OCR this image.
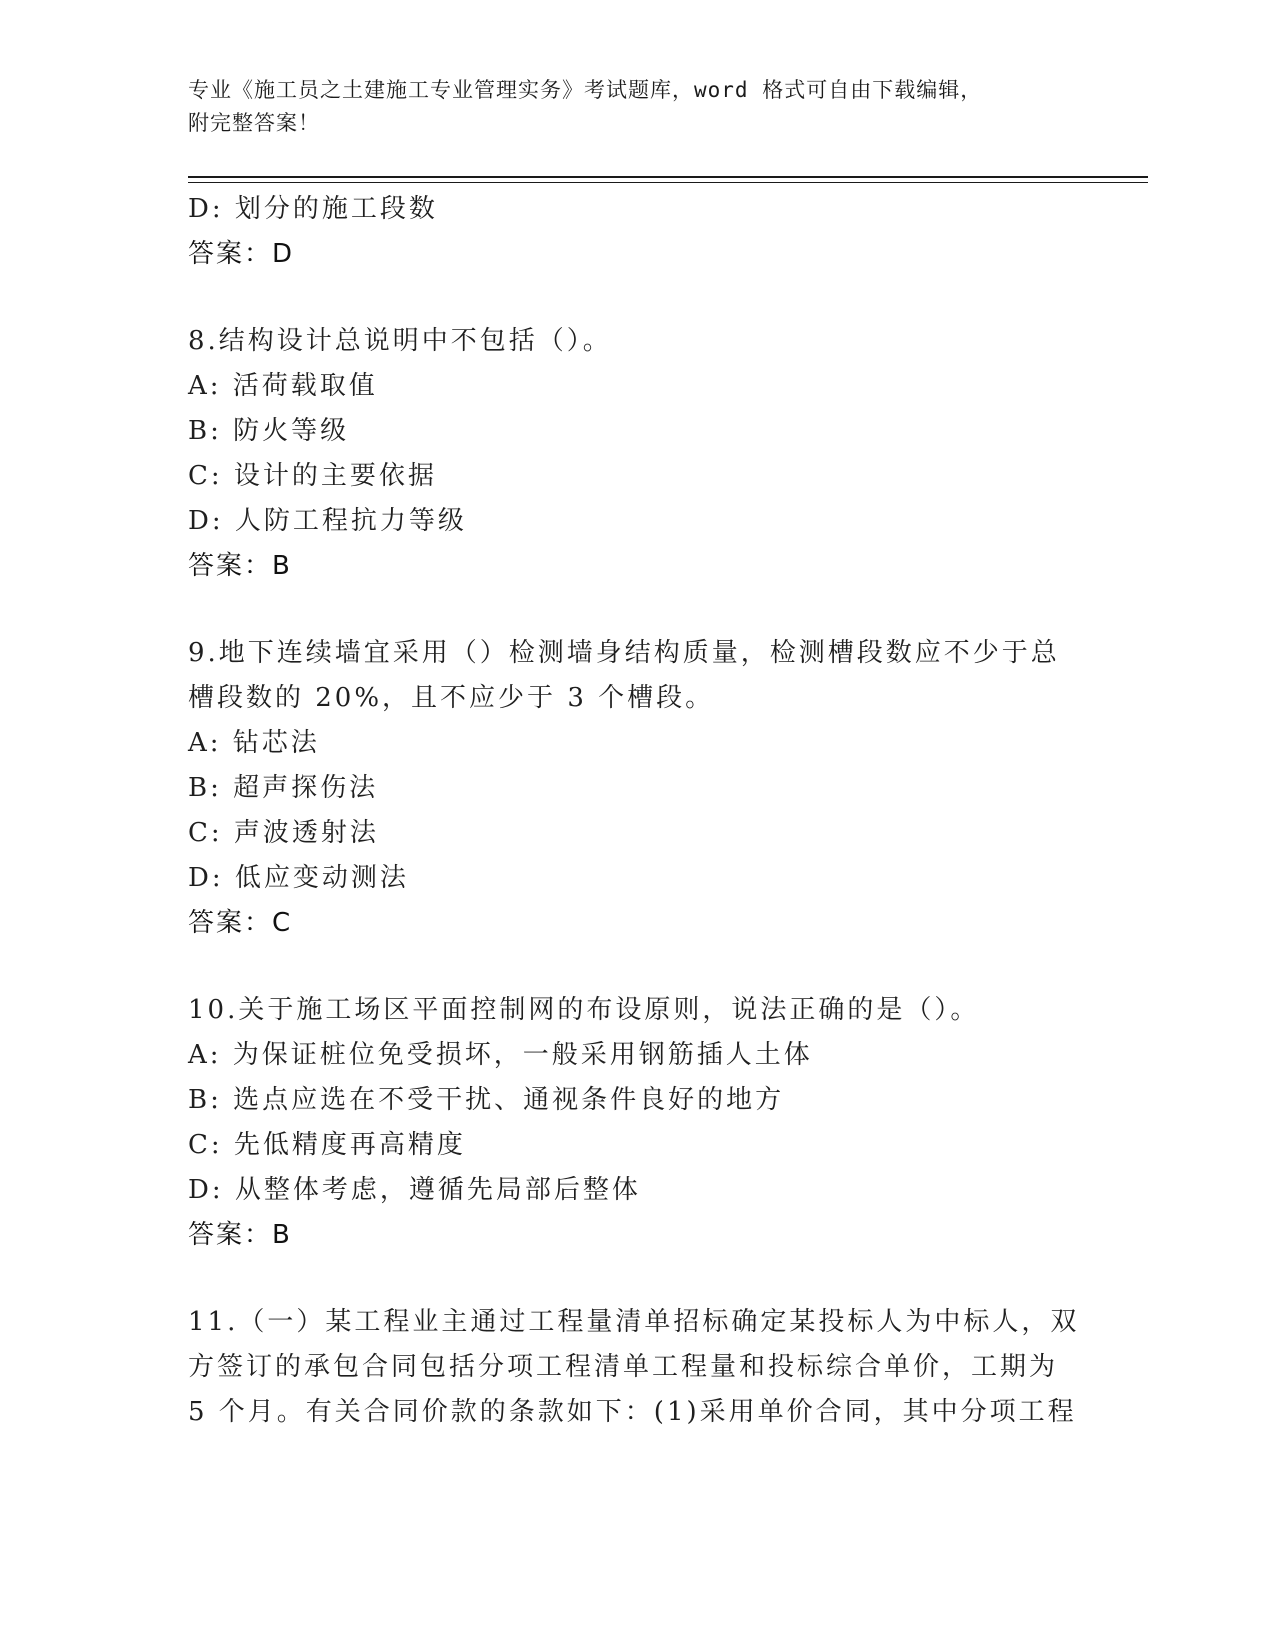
专业《施工员之土建施工专业管理实务》考试题库，word 格式可自由下载编辑，
附完整答案！
D: 划分的施工段数
答案：D
8.结构设计总说明中不包括（）。
A: 活荷载取值
B: 防火等级
C: 设计的主要依据
D: 人防工程抗力等级
答案：B
9.地下连续墙宜采用（）检测墙身结构质量，检测槽段数应不少于总
槽段数的 20%，且不应少于 3 个槽段。
A: 钻芯法
B: 超声探伤法
C: 声波透射法
D: 低应变动测法
答案：C
10.关于施工场区平面控制网的布设原则，说法正确的是（）。
A: 为保证桩位免受损坏，一般采用钢筋插人土体
B: 选点应选在不受干扰、通视条件良好的地方
C: 先低精度再高精度
D: 从整体考虑，遵循先局部后整体
答案：B
11.（一）某工程业主通过工程量清单招标确定某投标人为中标人，双
方签订的承包合同包括分项工程清单工程量和投标综合单价，工期为
5 个月。有关合同价款的条款如下：(1)采用单价合同，其中分项工程
